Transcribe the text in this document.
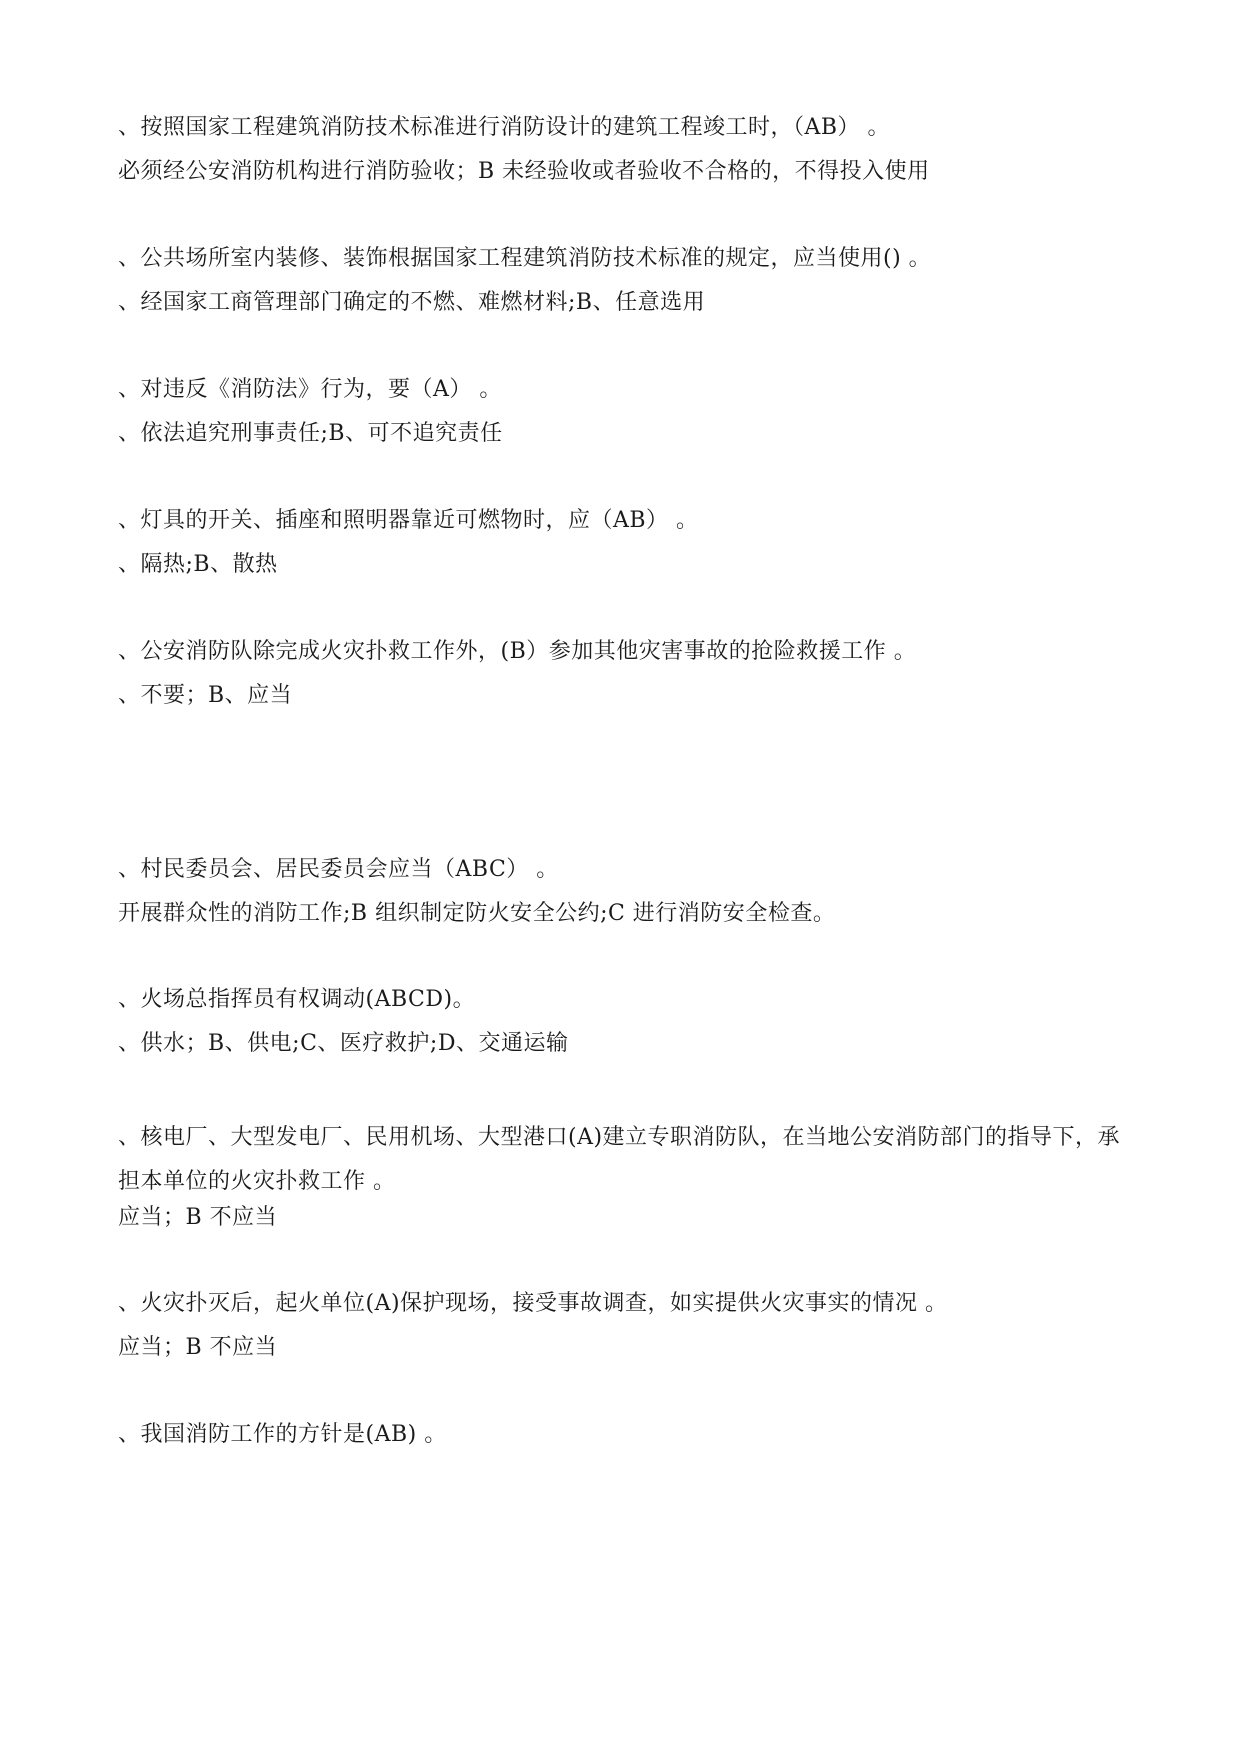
、按照国家工程建筑消防技术标准进行消防设计的建筑工程竣工时，（AB） 。
必须经公安消防机构进行消防验收；B 未经验收或者验收不合格的，不得投入使用
、公共场所室内装修、装饰根据国家工程建筑消防技术标准的规定，应当使用() 。
、经国家工商管理部门确定的不燃、难燃材料;B、任意选用
、对违反《消防法》行为，要（A） 。
、依法追究刑事责任;B、可不追究责任
、灯具的开关、插座和照明器靠近可燃物时，应（AB） 。
、隔热;B、散热
、公安消防队除完成火灾扑救工作外，(B）参加其他灾害事故的抢险救援工作 。
、不要；B、应当
、村民委员会、居民委员会应当（ABC） 。
开展群众性的消防工作;B 组织制定防火安全公约;C 进行消防安全检查。
、火场总指挥员有权调动(ABCD)。
、供水；B、供电;C、医疗救护;D、交通运输
、核电厂、大型发电厂、民用机场、大型港口(A)建立专职消防队，在当地公安消防部门的指导下，承担本单位的火灾扑救工作 。
应当；B 不应当
、火灾扑灭后，起火单位(A)保护现场，接受事故调查，如实提供火灾事实的情况 。
应当；B 不应当
、我国消防工作的方针是(AB) 。
